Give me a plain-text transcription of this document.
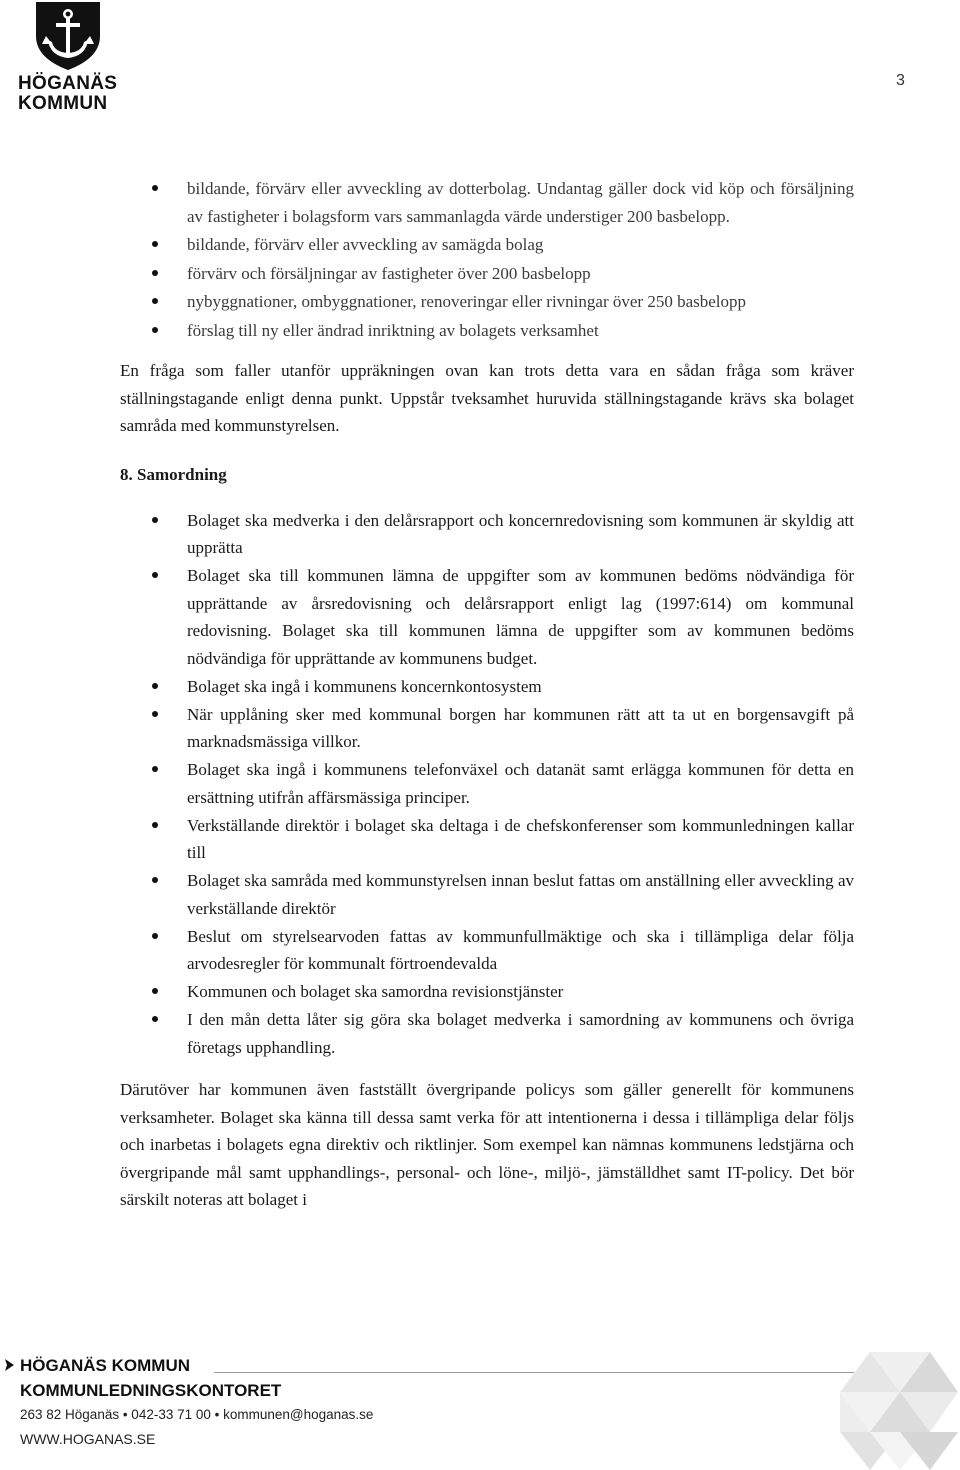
HÖGANÄS
KOMMUN
3
bildande, förvärv eller avveckling av dotterbolag. Undantag gäller dock vid köp och försäljning av fastigheter i bolagsform vars sammanlagda värde understiger 200 basbelopp.
bildande, förvärv eller avveckling av samägda bolag
förvärv och försäljningar av fastigheter över 200 basbelopp
nybyggnationer, ombyggnationer, renoveringar eller rivningar över 250 basbelopp
förslag till ny eller ändrad inriktning av bolagets verksamhet

En fråga som faller utanför uppräkningen ovan kan trots detta vara en sådan fråga som kräver ställningstagande enligt denna punkt. Uppstår tveksamhet huruvida ställningstagande krävs ska bolaget samråda med kommunstyrelsen.

8. Samordning
Bolaget ska medverka i den delårsrapport och koncernredovisning som kommunen är skyldig att upprätta
Bolaget ska till kommunen lämna de uppgifter som av kommunen bedöms nödvändiga för upprättande av årsredovisning och delårsrapport enligt lag (1997:614) om kommunal redovisning. Bolaget ska till kommunen lämna de uppgifter som av kommunen bedöms nödvändiga för upprättande av kommunens budget.
Bolaget ska ingå i kommunens koncernkontosystem
När upplåning sker med kommunal borgen har kommunen rätt att ta ut en borgensavgift på marknadsmässiga villkor.
Bolaget ska ingå i kommunens telefonväxel och datanät samt erlägga kommunen för detta en ersättning utifrån affärsmässiga principer.
Verkställande direktör i bolaget ska deltaga i de chefskonferenser som kommunledningen kallar till
Bolaget ska samråda med kommunstyrelsen innan beslut fattas om anställning eller avveckling av verkställande direktör
Beslut om styrelsearvoden fattas av kommunfullmäktige och ska i tillämpliga delar följa arvodesregler för kommunalt förtroendevalda
Kommunen och bolaget ska samordna revisionstjänster
I den mån detta låter sig göra ska bolaget medverka i samordning av kommunens och övriga företags upphandling.

Därutöver har kommunen även fastställt övergripande policys som gäller generellt för kommunens verksamheter. Bolaget ska känna till dessa samt verka för att intentionerna i dessa i tillämpliga delar följs och inarbetas i bolagets egna direktiv och riktlinjer. Som exempel kan nämnas kommunens ledstjärna och övergripande mål samt upphandlings-, personal- och löne-, miljö-, jämställdhet samt IT-policy. Det bör särskilt noteras att bolaget i

HÖGANÄS KOMMUN
KOMMUNLEDNINGSKONTORET
263 82 Höganäs • 042-33 71 00 • kommunen@hoganas.se
WWW.HOGANAS.SE
